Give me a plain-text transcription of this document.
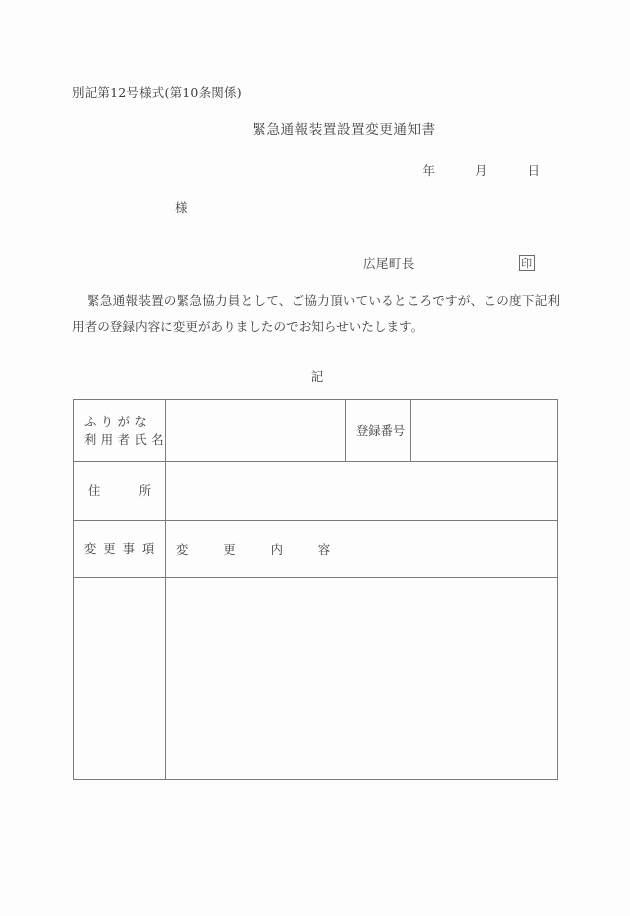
別記第12号様式(第10条関係)
緊急通報装置設置変更通知書
年	月	日
様
広尾町長	印
緊急通報装置の緊急協力員として、ご協力頂いているところですが、この度下記利用者の登録内容に変更がありましたのでお知らせいたします。
記
ふりがな
利用者氏名		登録番号	

住 所			

変更事項	変更内容		
